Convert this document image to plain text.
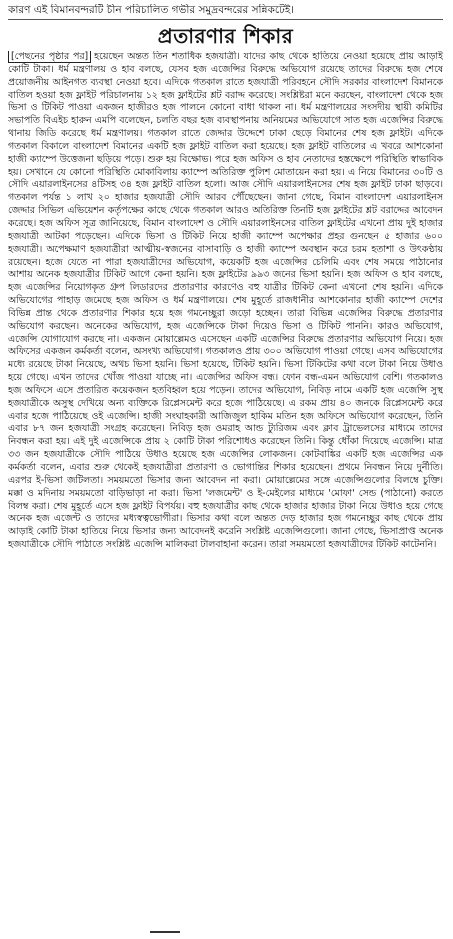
কারণ এই বিমানবন্দরটি চীন পরিচালিত গভীর সমুদ্রবন্দরের সন্নিকটেই।
প্রতারণার শিকার
[পেছনের পৃষ্ঠার পর] হয়েছেন অন্তত তিন শতাধিক হজযাত্রী। যাদের কাছ থেকে হাতিয়ে নেওয়া হয়েছে প্রায় আড়াই কোটি টাকা। ধর্ম মন্ত্রণালয় ও হাব বলছে, যেসব হজ এজেন্সির বিরুদ্ধে অভিযোগ রয়েছে তাদের বিরুদ্ধে হজ শেষে প্রয়োজনীয় আইনগত ব্যবস্থা নেওয়া হবে। এদিকে গতকাল রাতে হজযাত্রী পরিবহনে সৌদি সরকার বাংলাদেশ বিমানকে বাতিল হওয়া হজ ফ্লাইট পরিচালনায় ১২ হজ ফ্লাইটের শ্লট বরাদ্দ করেছে। সংশ্লিষ্টরা মনে করছেন, বাংলাদেশ থেকে হজ ভিসা ও টিকিট পাওয়া একজন হাজীরও হজ পালনে কোনো বাধা থাকল না। ধর্ম মন্ত্রণালয়ের সংসদীয় স্থায়ী কমিটির সভাপতি বিএইচ হারুন এমপি বলেছেন, চলতি বছর হজ ব্যবস্থাপনায় অনিয়মের অভিযোগে সাত হজ এজেন্সির বিরুদ্ধে থানায় জিডি করেছে ধর্ম মন্ত্রণালয়। গতকাল রাতে জেদ্দার উদ্দেশে ঢাকা ছেড়ে বিমানের শেষ হজ ফ্লাইট। এদিকে গতকাল বিকালে বাংলাদেশ বিমানের একটি হজ ফ্লাইট বাতিল করা হয়েছে। হজ ফ্লাইট বাতিলের এ খবরে আশকোনা হাজী ক্যাম্পে উত্তেজনা ছড়িয়ে পড়ে। শুরু হয় বিক্ষোভ। পরে হজ অফিস ও হাব নেতাদের হস্তক্ষেপে পরিস্থিতি স্বাভাবিক হয়। সেখানে যে কোনো পরিস্থিতি মোকাবিলায় ক্যাম্পে অতিরিক্ত পুলিশ মোতায়েন করা হয়। এ নিয়ে বিমানের ৩০টি ও সৌদি এয়ারলাইনসের ৪টিসহ ৩৪ হজ ফ্লাইট বাতিল হলো। আজ সৌদি এয়ারলাইনসের শেষ হজ ফ্লাইট ঢাকা ছাড়বে। গতকাল পর্যন্ত ১ লাখ ২০ হাজার হজযাত্রী সৌদি আরব পৌঁছেছেন। জানা গেছে, বিমান বাংলাদেশ এয়ারলাইনস জেদ্দার সিভিল এভিয়েশন কর্তৃপক্ষের কাছে থেকে গতকাল আরও অতিরিক্ত তিনটি হজ ফ্লাইটের শ্লট বরাদ্দের আবেদন করেছে। হজ অফিস সূত্র জানিয়েছে, বিমান বাংলাদেশ ও সৌদি এয়ারলাইনসের বাতিল ফ্লাইটের এখনো প্রায় দুই হাজার হজযাত্রী আটকা পড়েছেন। এদিকে ভিসা ও টিকিট নিয়ে হাজী ক্যাম্পে অপেক্ষার প্রহর গুনছেন ৫ হাজার ৬০০ হজযাত্রী। অপেক্ষমাণ হজযাত্রীরা আত্মীয়-স্বজনের বাসাবাড়ি ও হাজী ক্যাম্পে অবস্থান করে চরম হতাশা ও উৎকণ্ঠায় রয়েছেন। হজে যেতে না পারা হজযাত্রীদের অভিযোগ, কয়েকটি হজ এজেন্সির চেলিমি এবং শেষ সময়ে পাঠানোর আশায় অনেক হজযাত্রীর টিকিট আগে কেনা হয়নি। হজ ফ্লাইটের ৯৯৩ জনের ভিসা হয়নি। হজ অফিস ও হাব বলছে, হজ এজেন্সির নিয়োগকৃত গ্রুপ লিডারদের প্রতারণার কারণেও বহু যাত্রীর টিকিট কেনা এখনো শেষ হয়নি। এদিকে অভিযোগের পাহাড় জমেছে হজ অফিস ও ধর্ম মন্ত্রণালয়ে। শেষ মুহূর্তে রাজধানীর আশকোনার হাজী ক্যাম্পে দেশের বিভিন্ন প্রান্ত থেকে প্রতারণার শিকার হয়ে হজ গমনেচ্ছুরা জড়ো হচ্ছেন। তারা বিভিন্ন এজেন্সির বিরুদ্ধে প্রতারণার অভিযোগ করছেন। অনেকের অভিযোগ, হজ এজেন্সিকে টাকা দিয়েও ভিসা ও টিকিট পাননি। কারও অভিযোগ, এজেন্সি যোগাযোগ করছে না। একজন মোয়াল্লেমও এসেছেন একটি এজেন্সির বিরুদ্ধে প্রতারণার অভিযোগ নিয়ে। হজ অফিসের একজন কর্মকর্তা বলেন, অসংখ্য অভিযোগ। গতকালও প্রায় ৩০০ অভিযোগ পাওয়া গেছে। এসব অভিযোগের মধ্যে রয়েছে টাকা নিয়েছে, অথচ ভিসা হয়নি। ভিসা হয়েছে, টিকিট হয়নি। ভিসা টিকিটের কথা বলে টাকা নিয়ে উধাও হয়ে গেছে। এখন তাদের খোঁজ পাওয়া যাচ্ছে না। এজেন্সির অফিস বন্ধ। ফোন বন্ধ-এমন অভিযোগ বেশি। গতকালও হজ অফিসে এসে প্রতারিত কয়েকজন হতবিহ্বল হয়ে পড়েন। তাদের অভিযোগ, নিবিড় নামে একটি হজ এজেন্সি সুস্থ হজযাত্রীকে অসুস্থ দেখিয়ে অন্য ব্যক্তিকে রিপ্লেসমেন্ট করে হজে পাঠিয়েছে। এ রকম প্রায় ৪০ জনকে রিপ্লেসমেন্ট করে এবার হজে পাঠিয়েছে ওই এজেন্সি। হাজী সংঘাহকারী আজিজুল হাকিম মতিন হজ অফিসে অভিযোগ করেছেন, তিনি এবার ৮৭ জন হজযাত্রী সংগ্রহ করেছেন। নিবিড় হজ ওমরাহ আন্ড ট্যুরিজম এবং ক্লাব ট্রাভেলসের মাধ্যমে তাদের নিবন্ধন করা হয়। এই দুই এজেন্সিকে প্রায় ২ কোটি টাকা পরিশোধও করেছেন তিনি। কিন্তু ধোঁকা দিয়েছে এজেন্সি। মাত্র ৩৩ জন হজযাত্রীকে সৌদি পাঠিয়ে উধাও হয়েছে হজ এজেন্সির লোকজন। কোটবাঙ্কির একটি হজ এজেন্সির এক কর্মকর্তা বলেন, এবার শুরু থেকেই হজযাত্রীরা প্রতারণা ও ভোগান্তির শিকার হয়েছেন। প্রথমে নিবন্ধন নিয়ে দুর্নীতি। এরপর ই-ভিসা জটিলতা। সময়মতো ভিসার জন্য আবেদন না করা। মোয়াল্লেমের সঙ্গে এজেন্সিগুলোর বিলম্বে চুক্তি। মক্কা ও মদিনায় সময়মতো বাড়িভাড়া না করা। ভিসা 'লজমেন্ট' ও ই-মেইলের মাধ্যমে 'মোফা' সেন্ড (পাঠানো) করতে বিলম্ব করা। শেষ মুহূর্তে এসে হজ ফ্লাইট বিপর্যয়। বহু হজযাত্রীর কাছ থেকে হাজার হাজার টাকা নিয়ে উধাও হয়ে গেছে অনেক হজ এজেন্ট ও তাদের মধ্যস্বত্বভোগীরা। ভিসার কথা বলে অন্তত দেড় হাজার হজ গমনেচ্ছুর কাছ থেকে প্রায় আড়াই কোটি টাকা হাতিয়ে নিয়ে ভিসার জন্য আবেদনই করেনি সংশ্লিষ্ট এজেন্সিগুলো। জানা গেছে, ভিসাপ্রাপ্ত অনেক হজযাত্রীকে সৌদি পাঠাতে সংশ্লিষ্ট এজেন্সি মালিকরা টালবাহানা করেন। তারা সময়মতো হজযাত্রীদের টিকিট কাটেননি।
